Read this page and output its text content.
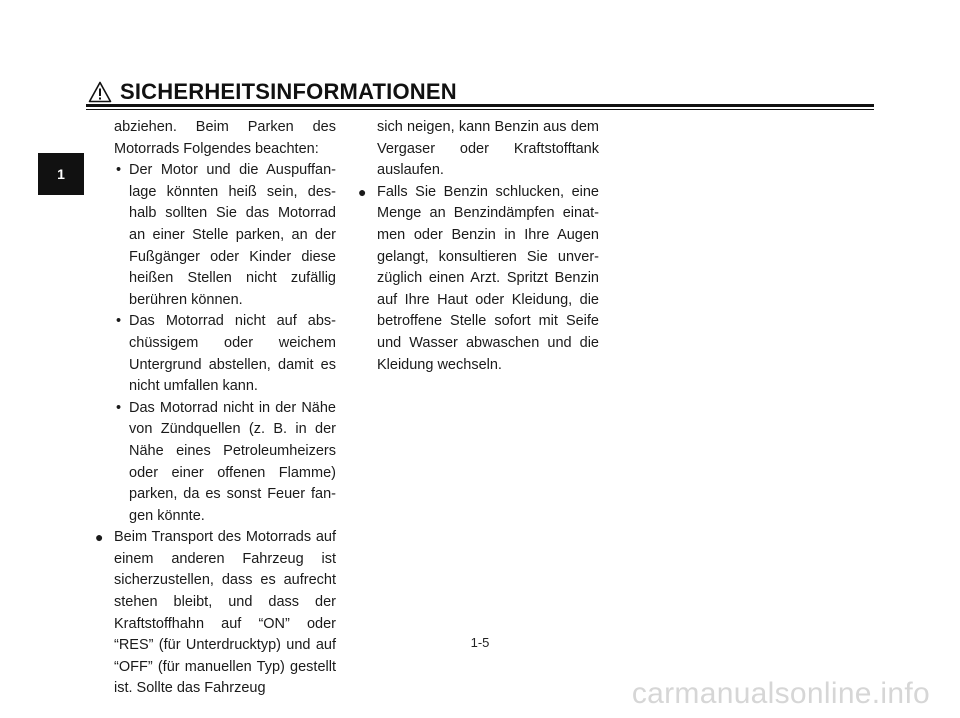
SICHERHEITSINFORMATIONEN
1

abziehen. Beim Parken des Motorrads Folgendes beachten:

• Der Motor und die Auspuffan-lage könnten heiß sein, des-halb sollten Sie das Motorrad an einer Stelle parken, an der Fußgänger oder Kinder diese heißen Stellen nicht zufällig berühren können.
• Das Motorrad nicht auf abs-chüssigem oder weichem Untergrund abstellen, damit es nicht umfallen kann.
• Das Motorrad nicht in der Nähe von Zündquellen (z. B. in der Nähe eines Petroleumheizers oder einer offenen Flamme) parken, da es sonst Feuer fan-gen könnte.
● Beim Transport des Motorrads auf einem anderen Fahrzeug ist sicherzustellen, dass es aufrecht stehen bleibt, und dass der Kraftstoffhahn auf “ON” oder “RES” (für Unterdrucktyp) und auf “OFF” (für manuellen Typ) gestellt ist. Sollte das Fahrzeug

sich neigen, kann Benzin aus dem Vergaser oder Kraftstofftank auslaufen.

● Falls Sie Benzin schlucken, eine Menge an Benzindämpfen einat-men oder Benzin in Ihre Augen gelangt, konsultieren Sie unver-züglich einen Arzt. Spritzt Benzin auf Ihre Haut oder Kleidung, die betroffene Stelle sofort mit Seife und Wasser abwaschen und die Kleidung wechseln.
1-5
carmanualsonline.info
